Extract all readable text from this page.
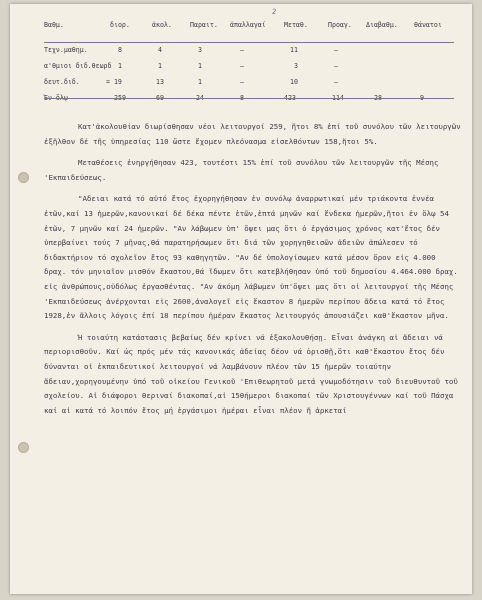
2
Βαθμ.	διορ.	ἀκολ.	Παραιτ. ἀπαλλαγαί	Μεταθ.	Προαγ. Διαβαθμ. θάνατοι
Τεχν.μαθημ.	8	4	3	–	11	–
α'θμιοι διδ.θεωρδ 1	1	1	–	3	–
δευτ.διδ.	= 19	13	1	–	10	–
Ἐν ὅλῳ	259	69	24	8	423	114	28	9

Κατ'ἀκολουθίαν διωρίσθησαν νέοι λειτουργοί 259, ἤτοι 8% ἐπί τοῦ συνόλου τῶν λειτουργῶν ἐξῆλθον δέ τῆς ὑπηρεσίας 110 ὥστε ἔχομεν πλεόνασμα εἰσελθόντων 158,ἤτοι 5%.

Μεταθέσεις ἐνηργήθησαν 423, τουτέστι 15% ἐπί τοῦ συνόλου τῶν λειτουργῶν τῆς Μέσης 'Εκπαιδεύσεως.

"Αδειαι κατά τό αὐτό ἔτος ἐχορηγήθησαν ἐν συνόλῳ ἀναρρωτικαί μέν τριάκοντα ἐννέα ἐτῶν,καί 13 ἡμερῶν,κανονικαί δέ δέκα πέντε ἐτῶν,ἑπτά μηνῶν καί ἕνδεκα ἡμερῶν,ἤτοι ἐν ὅλῳ 54 ἐτῶν, 7 μηνῶν καί 24 ἡμερῶν. "Αν λάβωμεν ὑπ' ὄψει μας ὅτι ὁ ἐργάσιμος χρόνος κατ'ἔτος δέν ὑπερβαίνει τούς 7 μῆνας,θά παρατηρήσωμεν ὅτι διά τῶν χορηγηθεισῶν ἀδειῶν ἀπώλεσεν τό διδακτήριον τό σχολεῖον ἔτος 93 καθηγητῶν. "Αν δέ ὑπολογίσωμεν κατά μέσον ὅρον εἰς 4.000 δραχ. τόν μηνιαῖον μισθόν ἕκαστου,θά ἴδωμεν ὅτι κατεβλήθησαν ὑπό τοῦ δημοσίου 4.464.000 δραχ. εἰς ἀνθρώπους,οὐδόλως ἐργασθέντας. "Αν ἀκόμη λάβωμεν ὑπ'ὄψει μας ὅτι οἱ λειτουργοί τῆς Μέσης 'Εκπαιδεύσεως ἀνέρχονται εἰς 2600,ἀναλογεῖ εἰς ἕκαστον 8 ἡμερῶν περίπου ἄδεια κατά τό ἔτος 1928,ἐν ἄλλοις λόγοις ἐπί 18 περίπου ἡμέραν ἕκαστος λειτουργός ἀπουσιάζει καθ'ἕκαστον μῆνα.

Ἡ τοιαύτη κατάστασις βεβαίως δέν κρίνει νά ἐξακολουθήσῃ. Εἶναι ἀνάγκη αἱ ἄδειαι νά περιορισθοῦν. Καί ὡς πρός μέν τάς κανονικάς ἀδείας δέον νά ὁρισθῇ,ὅτι καθ'ἕκαστον ἔτος δέν δύνανται οἱ ἐκπαιδευτικοί λειτουργοί νά λαμβάνουν πλέον τῶν 15 ἡμερῶν τοιαύτην ἄδειαν,χορηγουμένην ὑπό τοῦ οἰκείου Γενικοῦ 'Επιθεωρητοῦ μετά γνωμοδότησιν τοῦ διευθυντοῦ τοῦ σχολείου. Αἱ διάφοροι θεριναί διακοπαί,αἱ 15θήμεροι διακοπαί τῶν Χριστουγέννων καί τοῦ Πάσχα καί αἱ κατά τό λοιπόν ἔτος μή ἐργάσιμοι ἡμέραι εἶναι πλέον ἤ ἀρκεταί
